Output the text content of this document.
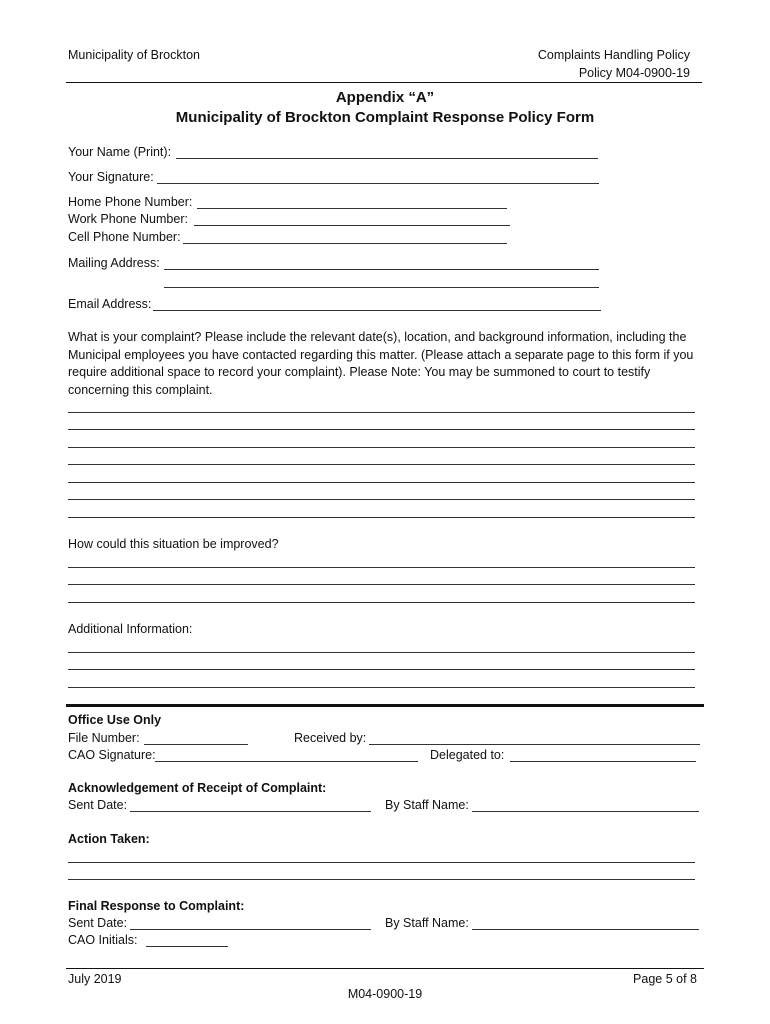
Municipality of Brockton	Complaints Handling Policy
Policy M04-0900-19
Appendix “A”
Municipality of Brockton Complaint Response Policy Form
Your Name (Print):
Your Signature:
Home Phone Number:
Work Phone Number:
Cell Phone Number:
Mailing Address:
Email Address:
What is your complaint? Please include the relevant date(s), location, and background information, including the Municipal employees you have contacted regarding this matter. (Please attach a separate page to this form if you require additional space to record your complaint). Please Note: You may be summoned to court to testify concerning this complaint.
How could this situation be improved?
Additional Information:
Office Use Only
File Number:	Received by:
CAO Signature:	Delegated to:
Acknowledgement of Receipt of Complaint:
Sent Date:	By Staff Name:
Action Taken:
Final Response to Complaint:
Sent Date:	By Staff Name:
CAO Initials:
July 2019	Page 5 of 8
M04-0900-19
